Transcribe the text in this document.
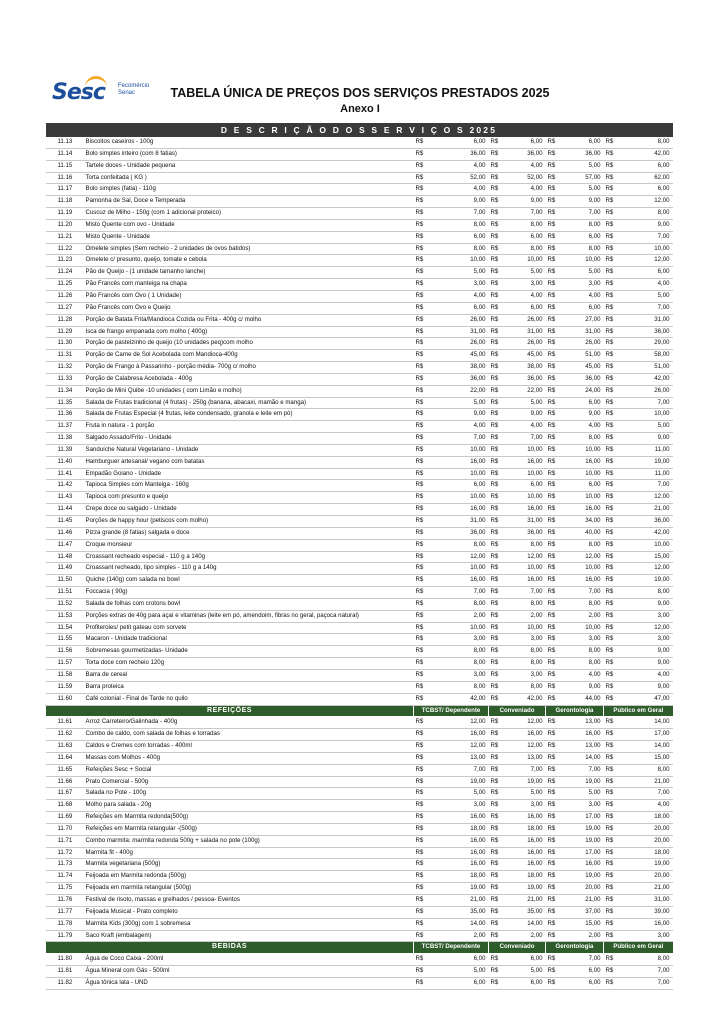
Sesc Fecomércio
Senac	TABELA ÚNICA DE PREÇOS DOS SERVIÇOS PRESTADOS 2025
Anexo I
D E S C R I Ç Ã O D O S S E R V I Ç O S 2025									
11.13	Biscoitos caseiros - 100g	R$	6,00	R$	6,00	R$	6,00	R$	8,00
11.14	Bolo simples inteiro (com 8 fatias)	R$	36,00	R$	36,00	R$	36,00	R$	42,00
11.15	Tartele doces - Unidade pequena	R$	4,00	R$	4,00	R$	5,00	R$	6,00
11.16	Torta confeitada ( KG )	R$	52,00	R$	52,00	R$	57,00	R$	62,00
11.17	Bolo simples (fatia) - 110g	R$	4,00	R$	4,00	R$	5,00	R$	6,00
11.18	Pamonha de Sal, Doce e Temperada	R$	9,00	R$	9,00	R$	9,00	R$	12,00
11.19	Cuscuz de Milho - 150g (com 1 adicional proteico)	R$	7,00	R$	7,00	R$	7,00	R$	8,00
11.20	Misto Quente com ovo - Unidade	R$	8,00	R$	8,00	R$	8,00	R$	9,00
11.21	Misto Quente - Unidade	R$	6,00	R$	6,00	R$	6,00	R$	7,00
11.22	Omelete simples (Sem recheio - 2 unidades de ovos batidos)	R$	8,00	R$	8,00	R$	8,00	R$	10,00
11.23	Omelete c/ presunto, queijo, tomate e cebola	R$	10,00	R$	10,00	R$	10,00	R$	12,00
11.24	Pão de Queijo - (1 unidade tamanho lanche)	R$	5,00	R$	5,00	R$	5,00	R$	6,00
11.25	Pão Francês com manteiga na chapa	R$	3,00	R$	3,00	R$	3,00	R$	4,00
11.26	Pão Francês com Ovo ( 1 Unidade)	R$	4,00	R$	4,00	R$	4,00	R$	5,00
11.27	Pão Francês com Ovo e Queijo	R$	6,00	R$	6,00	R$	6,00	R$	7,00
11.28	Porção de Batata Frita/Mandioca Cozida ou Frita - 400g c/ molho	R$	26,00	R$	26,00	R$	27,00	R$	31,00
11.29	Isca de frango empanada com molho ( 400g)	R$	31,00	R$	31,00	R$	31,00	R$	36,00
11.30	Porção de pastelzinho de queijo (10 unidades peq)com molho	R$	26,00	R$	26,00	R$	26,00	R$	29,00
11.31	Porção de Carne de Sol Acebolada com Mandioca-400g	R$	45,00	R$	45,00	R$	51,00	R$	58,00
11.32	Porção de Frango à Passarinho - porção média- 700g c/ molho	R$	38,00	R$	38,00	R$	45,00	R$	51,00
11.33	Porção de Calabresa Acebolada - 400g	R$	36,00	R$	36,00	R$	36,00	R$	42,00
11.34	Porção de Mini Quibe -10 unidades ( com Limão e molho)	R$	22,00	R$	22,00	R$	24,00	R$	26,00
11.35	Salada de Frutas tradicional (4 frutas) - 250g (banana, abacaxi, mamão e manga)	R$	5,00	R$	5,00	R$	6,00	R$	7,00
11.36	Salada de Frutas Especial (4 frutas, leite condensado, granola e leite em pó)	R$	9,00	R$	9,00	R$	9,00	R$	10,00
11.37	Fruta in natura - 1 porção	R$	4,00	R$	4,00	R$	4,00	R$	5,00
11.38	Salgado Assado/Frito - Unidade	R$	7,00	R$	7,00	R$	8,00	R$	9,00
11.39	Sanduíche Natural Vegetariano - Unidade	R$	10,00	R$	10,00	R$	10,00	R$	11,00
11.40	Hamburguer artesanal/ vegano com batatas	R$	16,00	R$	16,00	R$	16,00	R$	19,00
11.41	Empadão Goiano - Unidade	R$	10,00	R$	10,00	R$	10,00	R$	11,00
11.42	Tapioca Simples com Manteiga - 160g	R$	6,00	R$	6,00	R$	6,00	R$	7,00
11.43	Tapioca com presunto e queijo	R$	10,00	R$	10,00	R$	10,00	R$	12,00
11.44	Crepe doce ou salgado - Unidade	R$	16,00	R$	16,00	R$	16,00	R$	21,00
11.45	Porções de happy hour (petiscos com molho)	R$	31,00	R$	31,00	R$	34,00	R$	36,00
11.46	Pizza grande (8 fatias) salgada e doce	R$	36,00	R$	36,00	R$	40,00	R$	42,00
11.47	Croque monsieur	R$	8,00	R$	8,00	R$	8,00	R$	10,00
11.48	Croassant recheado especial - 110 g a 140g	R$	12,00	R$	12,00	R$	12,00	R$	15,00
11.49	Croassant recheado, tipo simples - 110 g a 140g	R$	10,00	R$	10,00	R$	10,00	R$	12,00
11.50	Quiche (140g) com salada no bowl	R$	16,00	R$	16,00	R$	16,00	R$	19,00
11.51	Foccacia ( 90g)	R$	7,00	R$	7,00	R$	7,00	R$	8,00
11.52	Salada de folhas com crotons bowl	R$	8,00	R$	8,00	R$	8,00	R$	9,00
11.53	Porções extras de 40g para açaí e vitaminas (leite em pó, amendoim, fibras no geral, paçoca natural)	R$	2,00	R$	2,00	R$	2,00	R$	3,00
11.54	Profiteroles/ petit gateau com sorvete	R$	10,00	R$	10,00	R$	10,00	R$	12,00
11.55	Macaron - Unidade tradicional	R$	3,00	R$	3,00	R$	3,00	R$	3,00
11.56	Sobremesas gourmetizadas- Unidade	R$	8,00	R$	8,00	R$	8,00	R$	9,00
11.57	Torta doce com recheio 120g	R$	8,00	R$	8,00	R$	8,00	R$	9,00
11.58	Barra de cereal	R$	3,00	R$	3,00	R$	4,00	R$	4,00
11.59	Barra proteica	R$	8,00	R$	8,00	R$	9,00	R$	9,00
11.60	Café colonial - Final de Tarde no quilo	R$	42,00	R$	42,00	R$	44,00	R$	47,00
REFEIÇÕES		TCBST/ Dependente		Conveniado		Gerontologia		Público em Geral	
11.61	Arroz Carreteiro/Galinhada - 400g	R$	12,00	R$	12,00	R$	13,00	R$	14,00
11.62	Combo de caldo, com salada de folhas e torradas	R$	16,00	R$	16,00	R$	16,00	R$	17,00
11.63	Caldos e Cremes com torradas - 400ml	R$	12,00	R$	12,00	R$	13,00	R$	14,00
11.64	Massas com Molhos - 400g	R$	13,00	R$	13,00	R$	14,00	R$	15,00
11.65	Refeições Sesc + Social	R$	7,00	R$	7,00	R$	7,00	R$	8,00
11.66	Prato Comercial - 500g	R$	19,00	R$	19,00	R$	19,00	R$	21,00
11.67	Salada no Pote - 100g	R$	5,00	R$	5,00	R$	5,00	R$	7,00
11.68	Molho para salada - 20g	R$	3,00	R$	3,00	R$	3,00	R$	4,00
11.69	Refeições em Marmita redonda(500g)	R$	16,00	R$	16,00	R$	17,00	R$	18,00
11.70	Refeições em Marmita retangular -(500g)	R$	18,00	R$	18,00	R$	19,00	R$	20,00
11.71	Combo marmita: marmita redonda 500g + salada no pote (100g)	R$	16,00	R$	16,00	R$	19,00	R$	20,00
11.72	Marmita fit - 400g	R$	16,00	R$	16,00	R$	17,00	R$	18,00
11.73	Marmita vegetariana (500g)	R$	16,00	R$	16,00	R$	16,00	R$	19,00
11.74	Feijoada em Marmita redonda (500g)	R$	18,00	R$	18,00	R$	19,00	R$	20,00
11.75	Feijoada em marmita retangular (500g)	R$	19,00	R$	19,00	R$	20,00	R$	21,00
11.76	Festival de risoto, massas e grelhados / pessoa- Eventos	R$	21,00	R$	21,00	R$	21,00	R$	31,00
11.77	Feijoada Musical - Prato completo	R$	35,00	R$	35,00	R$	37,00	R$	39,00
11.78	Marmita Kids (300g) com 1 sobremesa	R$	14,00	R$	14,00	R$	15,00	R$	16,00
11.79	Saco Kraft (embalagem)	R$	2,00	R$	2,00	R$	2,00	R$	3,00
BEBIDAS		TCBST/ Dependente		Conveniado		Gerontologia		Público em Geral	
11.80	Água de Coco Caixa - 200ml	R$	6,00	R$	6,00	R$	7,00	R$	8,00
11.81	Água Mineral com Gás - 500ml	R$	5,00	R$	5,00	R$	6,00	R$	7,00
11.82	Água tônica lata - UND	R$	6,00	R$	6,00	R$	6,00	R$	7,00
